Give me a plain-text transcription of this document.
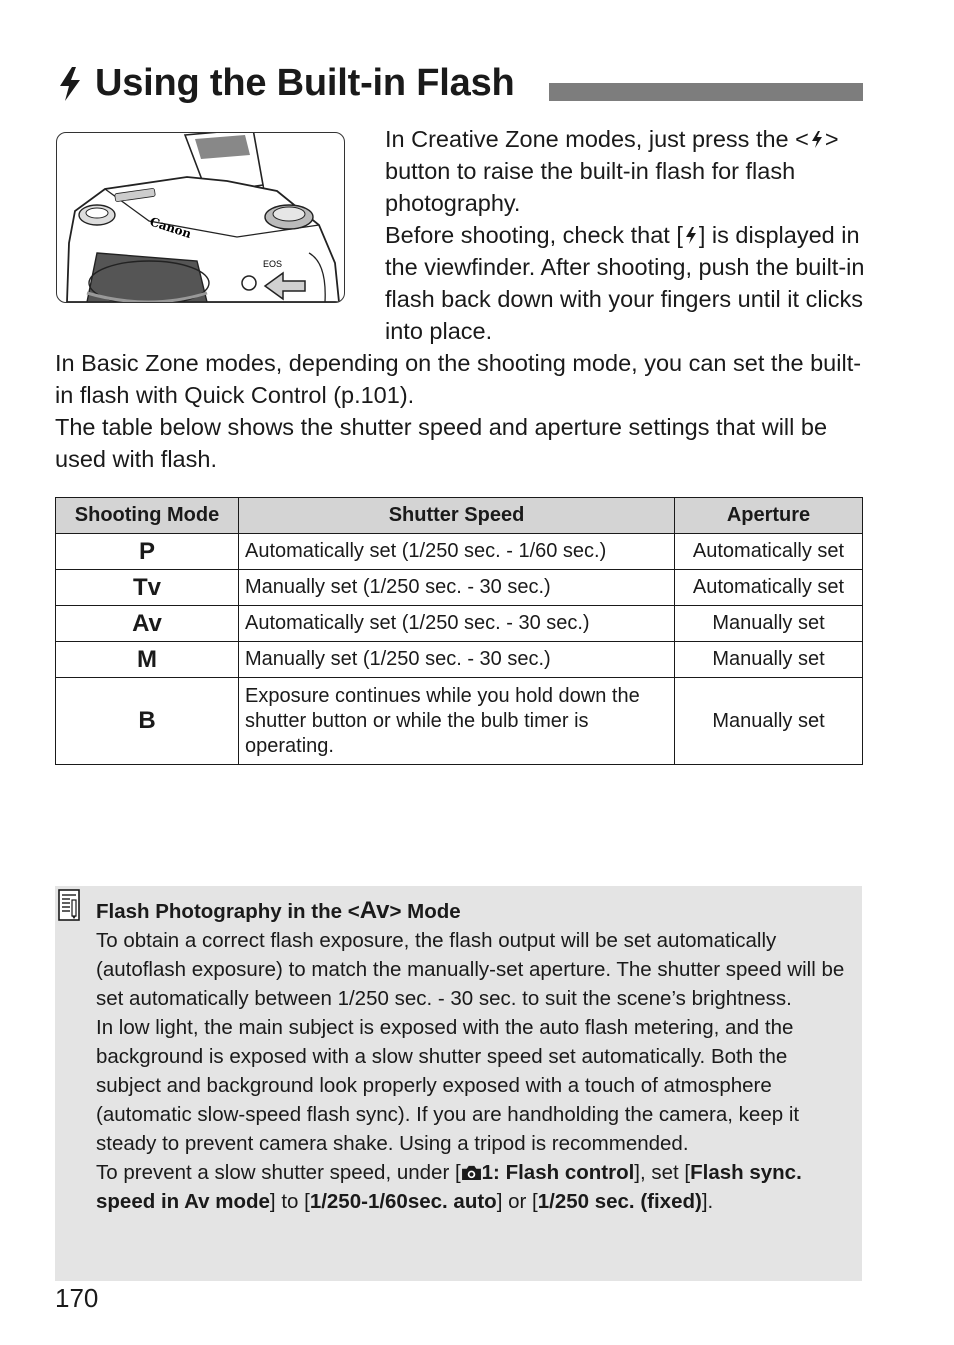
Using the Built-in Flash
Canon
EOS

In Creative Zone modes, just press the < > button to raise the built-in flash for flash photography.

Before shooting, check that [ ] is displayed in the viewfinder. After shooting, push the built-in flash back down with your fingers until it clicks into place.

In Basic Zone modes, depending on the shooting mode, you can set the built-in flash with Quick Control (p.101).

The table below shows the shutter speed and aperture settings that will be used with flash.

Shooting Mode	Shutter Speed	Aperture
P	Automatically set (1/250 sec. - 1/60 sec.)	Automatically set
Tv	Manually set (1/250 sec. - 30 sec.)	Automatically set
Av	Automatically set (1/250 sec. - 30 sec.)	Manually set
M	Manually set (1/250 sec. - 30 sec.)	Manually set
B	Exposure continues while you hold down the shutter button or while the bulb timer is operating.	Manually set

Flash Photography in the <Av> Mode

To obtain a correct flash exposure, the flash output will be set automatically (autoflash exposure) to match the manually-set aperture. The shutter speed will be set automatically between 1/250 sec. - 30 sec. to suit the scene’s brightness.

In low light, the main subject is exposed with the auto flash metering, and the background is exposed with a slow shutter speed set automatically. Both the subject and background look properly exposed with a touch of atmosphere (automatic slow-speed flash sync). If you are handholding the camera, keep it steady to prevent camera shake. Using a tripod is recommended.

To prevent a slow shutter speed, under [ 1: Flash control], set [Flash sync. speed in Av mode] to [1/250-1/60sec. auto] or [1/250 sec. (fixed)].

170
